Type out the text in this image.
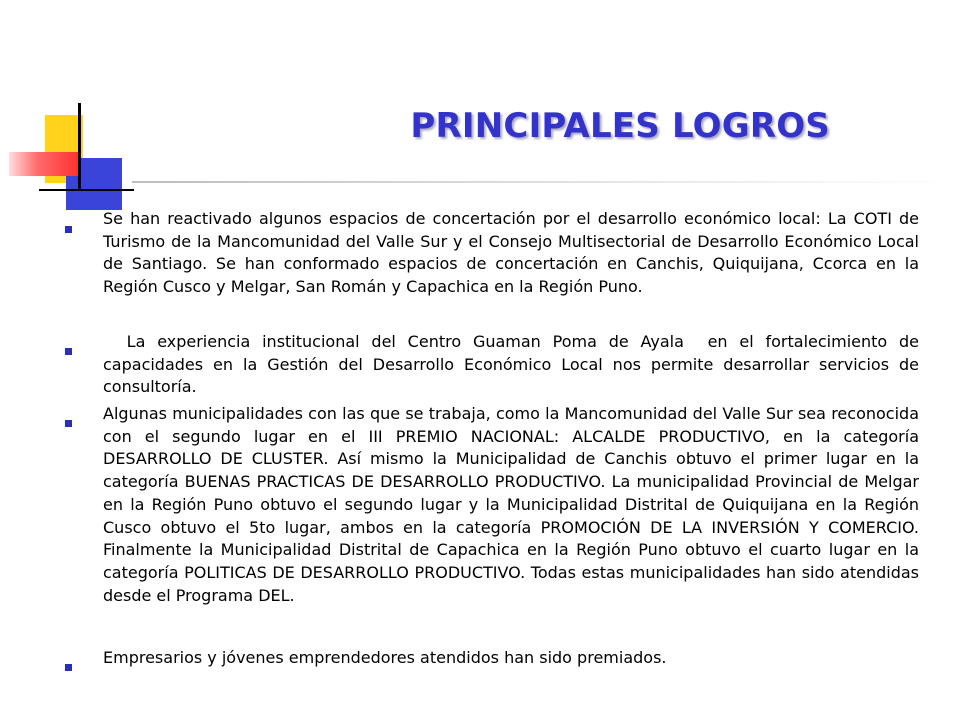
PRINCIPALES LOGROS
Se han reactivado algunos espacios de concertación por el desarrollo económico local: La COTI de Turismo de la Mancomunidad del Valle Sur y el Consejo Multisectorial de Desarrollo Económico Local de Santiago. Se han conformado espacios de concertación en Canchis, Quiquijana, Ccorca en la Región Cusco y Melgar, San Román y Capachica en la Región Puno.
La experiencia institucional del Centro Guaman Poma de Ayala  en el fortalecimiento de capacidades en la Gestión del Desarrollo Económico Local nos permite desarrollar servicios de consultoría.
Algunas municipalidades con las que se trabaja, como la Mancomunidad del Valle Sur sea reconocida con el segundo lugar en el III PREMIO NACIONAL: ALCALDE PRODUCTIVO, en la categoría DESARROLLO DE CLUSTER. Así mismo la Municipalidad de Canchis obtuvo el primer lugar en la categoría BUENAS PRACTICAS DE DESARROLLO PRODUCTIVO. La municipalidad Provincial de Melgar en la Región Puno obtuvo el segundo lugar y la Municipalidad Distrital de Quiquijana en la Región Cusco obtuvo el 5to lugar, ambos en la categoría PROMOCIÓN DE LA INVERSIÓN Y COMERCIO. Finalmente la Municipalidad Distrital de Capachica en la Región Puno obtuvo el cuarto lugar en la categoría POLITICAS DE DESARROLLO PRODUCTIVO. Todas estas municipalidades han sido atendidas desde el Programa DEL.
Empresarios y jóvenes emprendedores atendidos han sido premiados.
